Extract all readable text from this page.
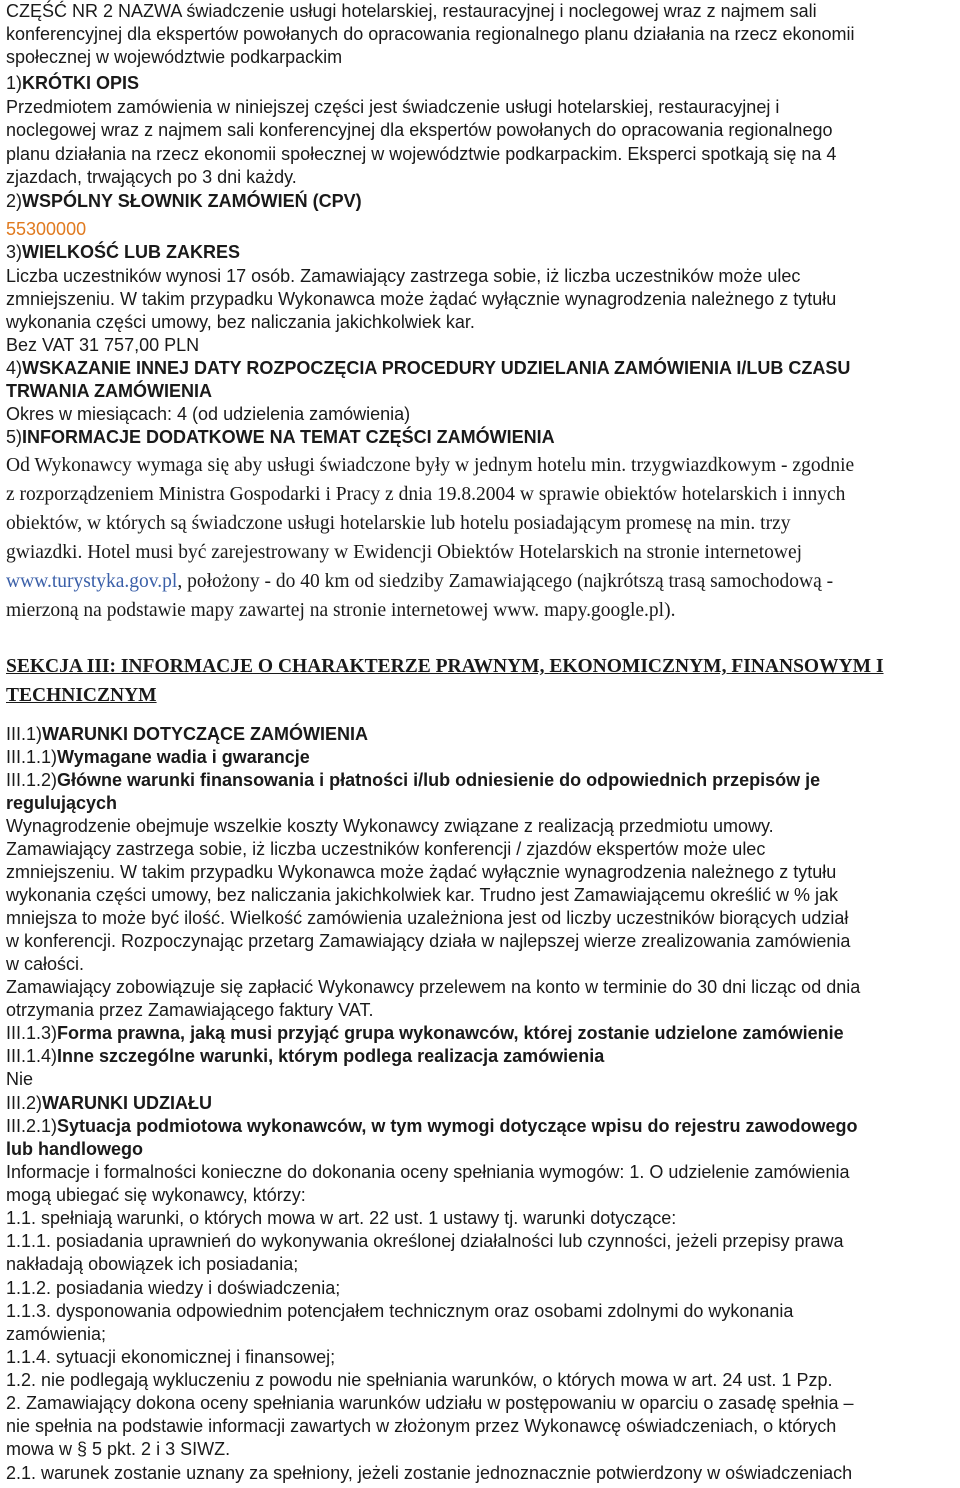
CZĘŚĆ NR 2 NAZWA świadczenie usługi hotelarskiej, restauracyjnej i noclegowej wraz z najmem sali
konferencyjnej dla ekspertów powołanych do opracowania regionalnego planu działania na rzecz ekonomii
społecznej w województwie podkarpackim
1)KRÓTKI OPIS
Przedmiotem zamówienia w niniejszej części jest świadczenie usługi hotelarskiej, restauracyjnej i
noclegowej wraz z najmem sali konferencyjnej dla ekspertów powołanych do opracowania regionalnego
planu działania na rzecz ekonomii społecznej w województwie podkarpackim. Eksperci spotkają się na 4
zjazdach, trwających po 3 dni każdy.
2)WSPÓLNY SŁOWNIK ZAMÓWIEŃ (CPV)
55300000
3)WIELKOŚĆ LUB ZAKRES
Liczba uczestników wynosi 17 osób. Zamawiający zastrzega sobie, iż liczba uczestników może ulec
zmniejszeniu. W takim przypadku Wykonawca może żądać wyłącznie wynagrodzenia należnego z tytułu
wykonania części umowy, bez naliczania jakichkolwiek kar.
Bez VAT 31 757,00 PLN
4)WSKAZANIE INNEJ DATY ROZPOCZĘCIA PROCEDURY UDZIELANIA ZAMÓWIENIA I/LUB CZASU
TRWANIA ZAMÓWIENIA
Okres w miesiącach: 4 (od udzielenia zamówienia)
5)INFORMACJE DODATKOWE NA TEMAT CZĘŚCI ZAMÓWIENIA
Od Wykonawcy wymaga się aby usługi świadczone były w jednym hotelu min. trzygwiazdkowym - zgodnie
z rozporządzeniem Ministra Gospodarki i Pracy z dnia 19.8.2004 w sprawie obiektów hotelarskich i innych
obiektów, w których są świadczone usługi hotelarskie lub hotelu posiadającym promesę na min. trzy
gwiazdki. Hotel musi być zarejestrowany w Ewidencji Obiektów Hotelarskich na stronie internetowej
www.turystyka.gov.pl, położony - do 40 km od siedziby Zamawiającego (najkrótszą trasą samochodową -
mierzoną na podstawie mapy zawartej na stronie internetowej www. mapy.google.pl).
SEKCJA III: INFORMACJE O CHARAKTERZE PRAWNYM, EKONOMICZNYM, FINANSOWYM I
TECHNICZNYM
III.1)WARUNKI DOTYCZĄCE ZAMÓWIENIA
III.1.1)Wymagane wadia i gwarancje
III.1.2)Główne warunki finansowania i płatności i/lub odniesienie do odpowiednich przepisów je
regulujących
Wynagrodzenie obejmuje wszelkie koszty Wykonawcy związane z realizacją przedmiotu umowy.
Zamawiający zastrzega sobie, iż liczba uczestników konferencji / zjazdów ekspertów może ulec
zmniejszeniu. W takim przypadku Wykonawca może żądać wyłącznie wynagrodzenia należnego z tytułu
wykonania części umowy, bez naliczania jakichkolwiek kar. Trudno jest Zamawiającemu określić w % jak
mniejsza to może być ilość. Wielkość zamówienia uzależniona jest od liczby uczestników biorących udział
w konferencji. Rozpoczynając przetarg Zamawiający działa w najlepszej wierze zrealizowania zamówienia
w całości.
Zamawiający zobowiązuje się zapłacić Wykonawcy przelewem na konto w terminie do 30 dni licząc od dnia
otrzymania przez Zamawiającego faktury VAT.
III.1.3)Forma prawna, jaką musi przyjąć grupa wykonawców, której zostanie udzielone zamówienie
III.1.4)Inne szczególne warunki, którym podlega realizacja zamówienia
Nie
III.2)WARUNKI UDZIAŁU
III.2.1)Sytuacja podmiotowa wykonawców, w tym wymogi dotyczące wpisu do rejestru zawodowego
lub handlowego
Informacje i formalności konieczne do dokonania oceny spełniania wymogów: 1. O udzielenie zamówienia
mogą ubiegać się wykonawcy, którzy:
1.1. spełniają warunki, o których mowa w art. 22 ust. 1 ustawy tj. warunki dotyczące:
1.1.1. posiadania uprawnień do wykonywania określonej działalności lub czynności, jeżeli przepisy prawa
nakładają obowiązek ich posiadania;
1.1.2. posiadania wiedzy i doświadczenia;
1.1.3. dysponowania odpowiednim potencjałem technicznym oraz osobami zdolnymi do wykonania
zamówienia;
1.1.4. sytuacji ekonomicznej i finansowej;
1.2. nie podlegają wykluczeniu z powodu nie spełniania warunków, o których mowa w art. 24 ust. 1 Pzp.
2. Zamawiający dokona oceny spełniania warunków udziału w postępowaniu w oparciu o zasadę spełnia –
nie spełnia na podstawie informacji zawartych w złożonym przez Wykonawcę oświadczeniach, o których
mowa w § 5 pkt. 2 i 3 SIWZ.
2.1. warunek zostanie uznany za spełniony, jeżeli zostanie jednoznacznie potwierdzony w oświadczeniach
